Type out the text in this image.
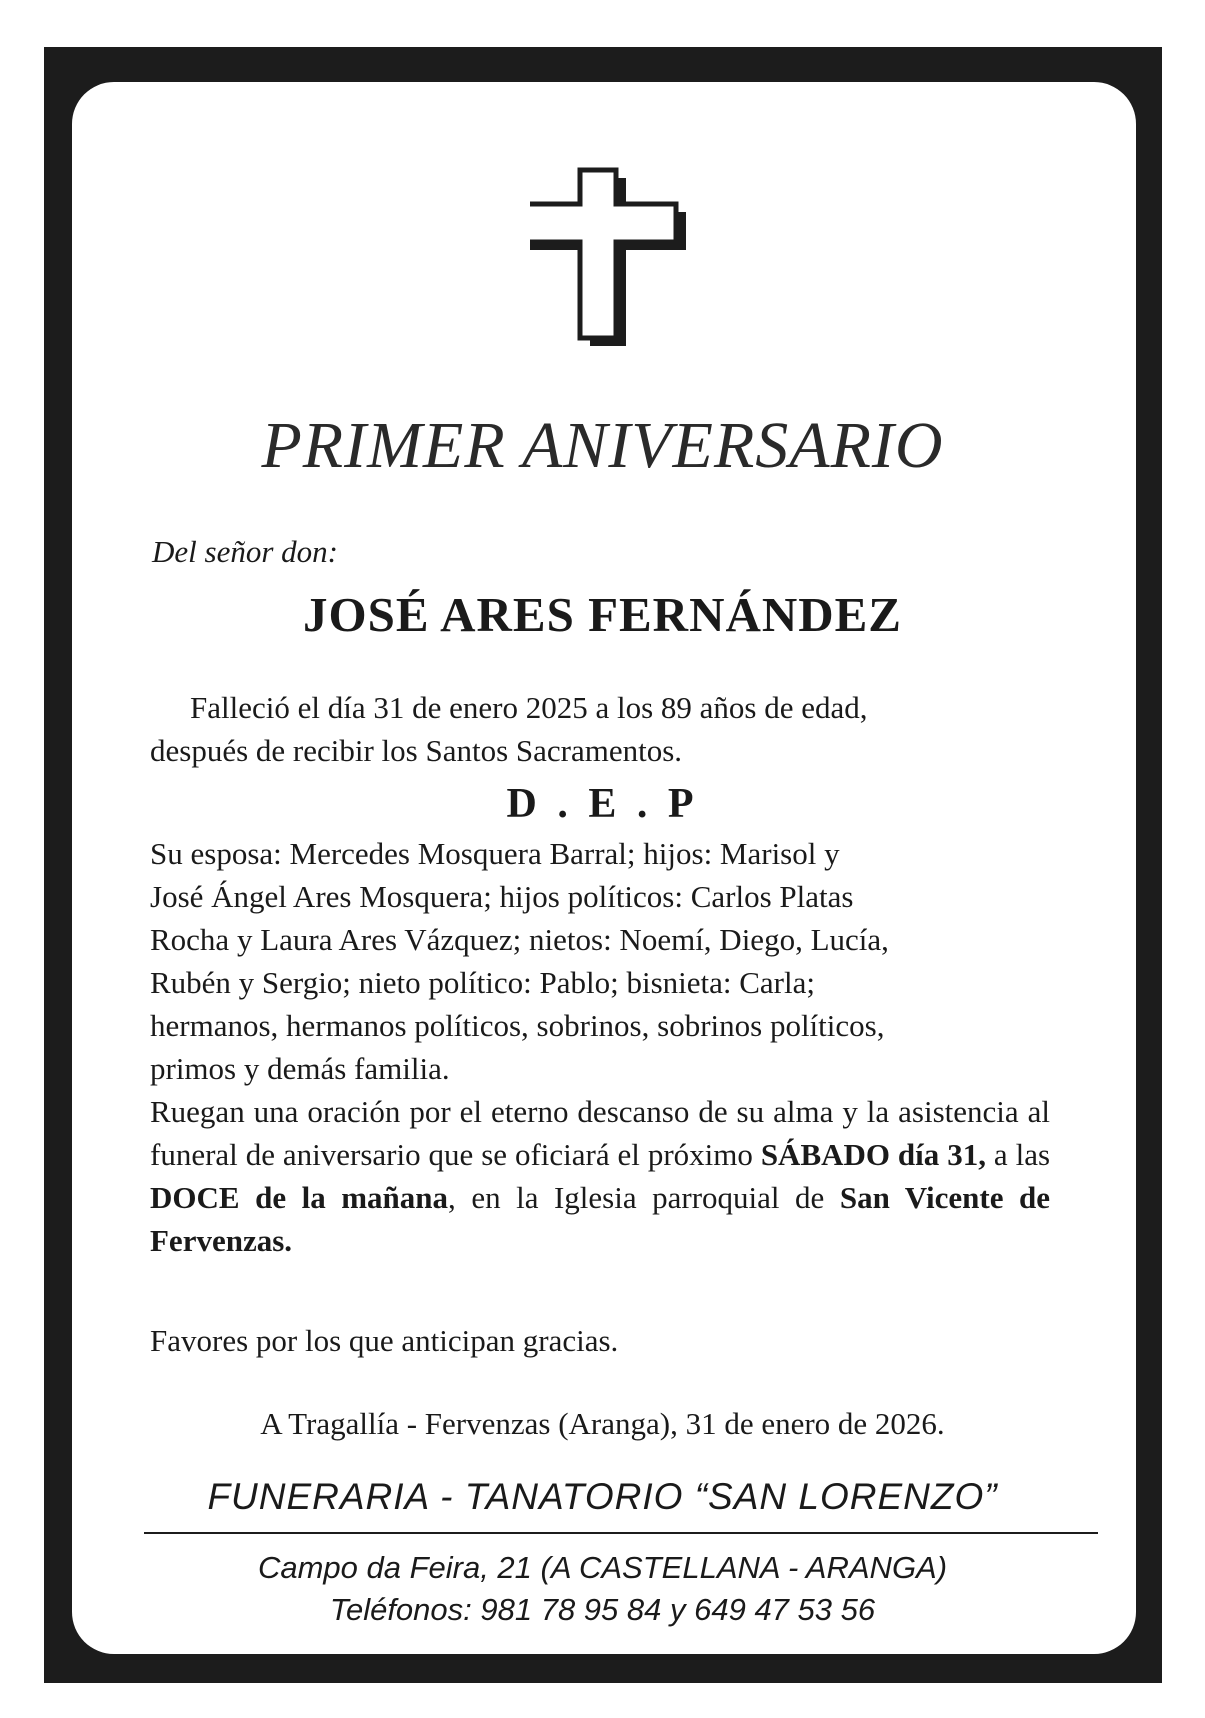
PRIMER ANIVERSARIO
Del señor don:
JOSÉ ARES FERNÁNDEZ
Falleció el día 31 de enero 2025 a los 89 años de edad,
después de recibir los Santos Sacramentos.
D . E . P
Su esposa: Mercedes Mosquera Barral; hijos: Marisol y
José Ángel Ares Mosquera; hijos políticos: Carlos Platas
Rocha y Laura Ares Vázquez; nietos: Noemí, Diego, Lucía,
Rubén y Sergio; nieto político: Pablo; bisnieta: Carla;
hermanos, hermanos políticos, sobrinos, sobrinos políticos,
primos y demás familia.
Ruegan una oración por el eterno descanso de su alma y la asistencia al funeral de aniversario que se oficiará el próximo SÁBADO día 31, a las DOCE de la mañana, en la Iglesia parroquial de San Vicente de Fervenzas.
Favores por los que anticipan gracias.
A Tragallía - Fervenzas (Aranga), 31 de enero de 2026.
FUNERARIA - TANATORIO “SAN LORENZO”
Campo da Feira, 21 (A CASTELLANA - ARANGA)
Teléfonos: 981 78 95 84 y 649 47 53 56
